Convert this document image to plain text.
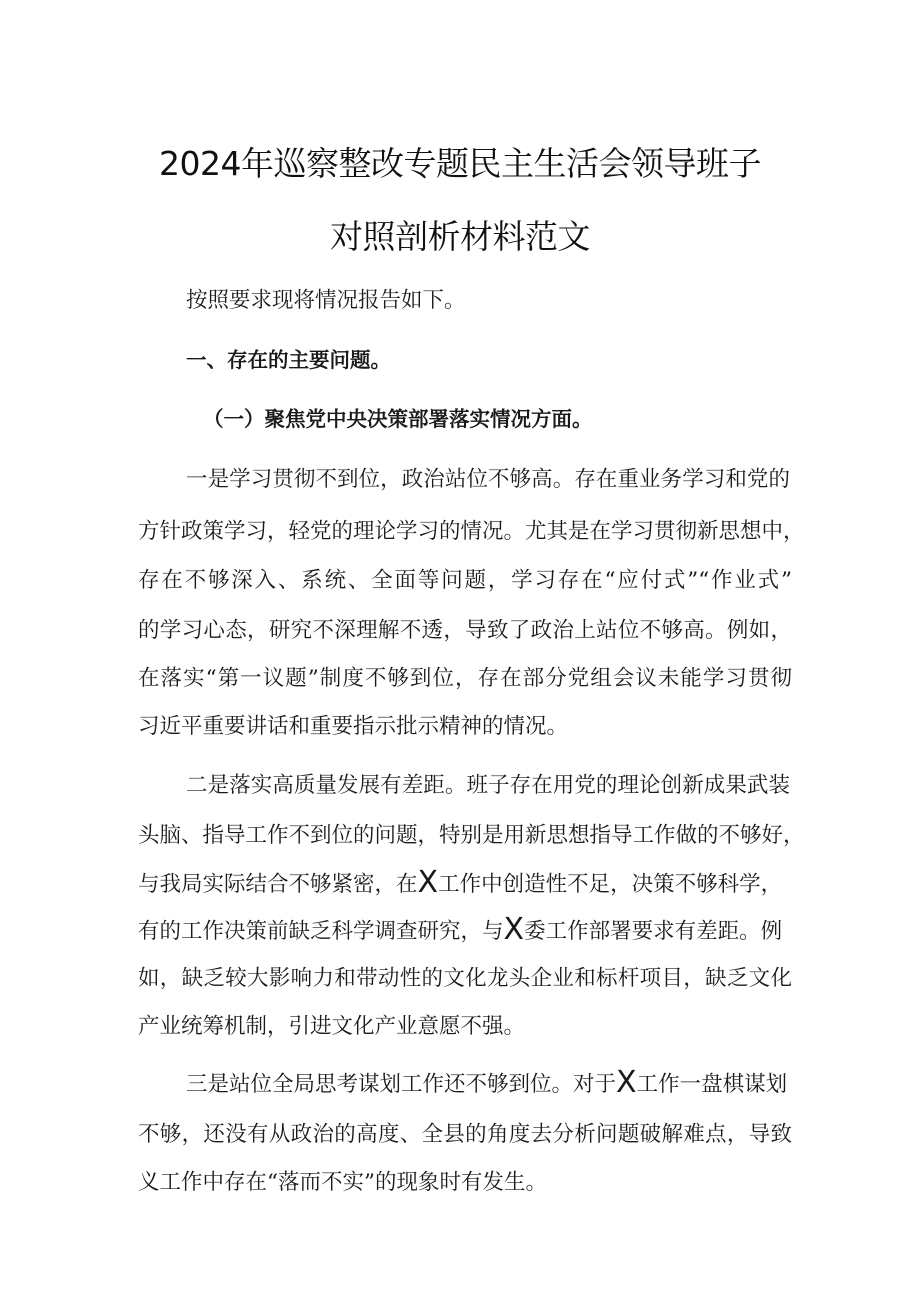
2024年巡察整改专题民主生活会领导班子
对照剖析材料范文
按照要求现将情况报告如下。
一、存在的主要问题。
（一）聚焦党中央决策部署落实情况方面。
一是学习贯彻不到位，政治站位不够高。存在重业务学习和党的
方针政策学习，轻党的理论学习的情况。尤其是在学习贯彻新思想中，
存在不够深入、系统、全面等问题，学习存在“应付式”“作业式”
的学习心态，研究不深理解不透，导致了政治上站位不够高。例如，
在落实“第一议题”制度不够到位，存在部分党组会议未能学习贯彻
习近平重要讲话和重要指示批示精神的情况。
二是落实高质量发展有差距。班子存在用党的理论创新成果武装
头脑、指导工作不到位的问题，特别是用新思想指导工作做的不够好，
与我局实际结合不够紧密，在X工作中创造性不足，决策不够科学，
有的工作决策前缺乏科学调查研究，与X委工作部署要求有差距。例
如，缺乏较大影响力和带动性的文化龙头企业和标杆项目，缺乏文化
产业统筹机制，引进文化产业意愿不强。
三是站位全局思考谋划工作还不够到位。对于X工作一盘棋谋划
不够，还没有从政治的高度、全县的角度去分析问题破解难点，导致
义工作中存在“落而不实”的现象时有发生。
